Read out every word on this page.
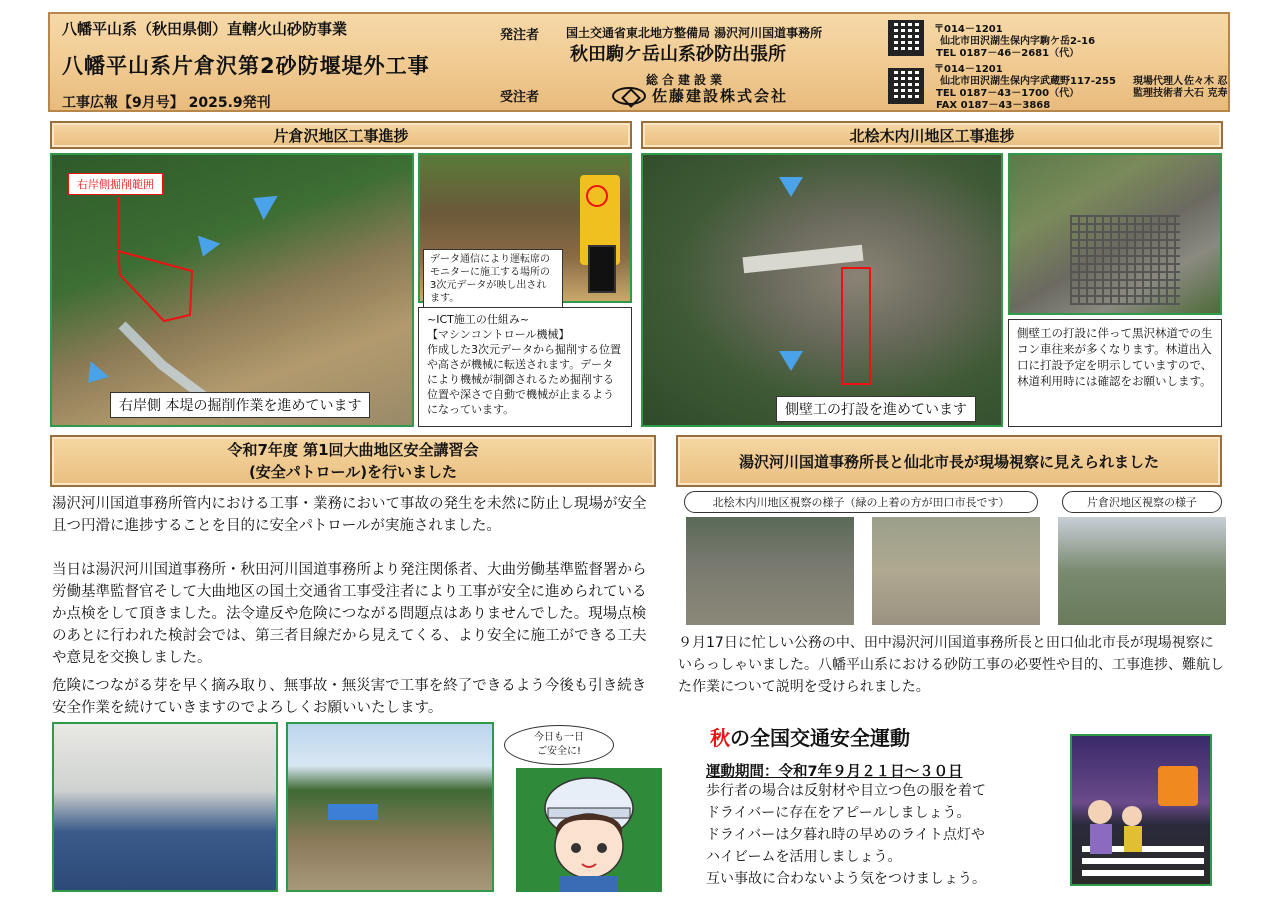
八幡平山系（秋田県側）直轄火山砂防事業
八幡平山系片倉沢第2砂防堰堤外工事
工事広報【9月号】 2025.9発刊
発注者 国土交通省東北地方整備局 湯沢河川国道事務所
秋田駒ケ岳山系砂防出張所
受注者
総合建設業
佐藤建設株式会社
〒014－1201
仙北市田沢湖生保内字駒ケ岳2-16
TEL 0187－46－2681（代）
〒014－1201
仙北市田沢湖生保内字武蔵野117-255
TEL 0187－43－1700（代）
FAX 0187－43－3868
現場代理人 佐々木 忍
監理技術者 大石 克寿
片倉沢地区工事進捗
右岸側掘削範囲
右岸側 本堤の掘削作業を進めています
データ通信により運転席のモニターに施工する場所の3次元データが映し出されます。
~ICT施工の仕組み~
【マシンコントロール機械】
作成した3次元データから掘削する位置や高さが機械に転送されます。データにより機械が制御されるため掘削する位置や深さで自動で機械が止まるようになっています。
北桧木内川地区工事進捗
側壁工の打設を進めています
側壁工の打設に伴って黒沢林道での生コン車往来が多くなります。林道出入口に打設予定を明示していますので、林道利用時には確認をお願いします。
令和7年度 第1回大曲地区安全講習会
(安全パトロール)を行いました
湯沢河川国道事務所管内における工事・業務において事故の発生を未然に防止し現場が安全且つ円滑に進捗することを目的に安全パトロールが実施されました。
当日は湯沢河川国道事務所・秋田河川国道事務所より発注関係者、大曲労働基準監督署から労働基準監督官そして大曲地区の国土交通省工事受注者により工事が安全に進められているか点検をして頂きました。法令違反や危険につながる問題点はありませんでした。現場点検のあとに行われた検討会では、第三者目線だから見えてくる、より安全に施工ができる工夫や意見を交換しました。
危険につながる芽を早く摘み取り、無事故・無災害で工事を終了できるよう今後も引き続き安全作業を続けていきますのでよろしくお願いいたします。
今日も一日
ご安全に!
湯沢河川国道事務所長と仙北市長が現場視察に見えられました
北桧木内川地区視察の様子（緑の上着の方が田口市長です）	片倉沢地区視察の様子
９月17日に忙しい公務の中、田中湯沢河川国道事務所長と田口仙北市長が現場視察にいらっしゃいました。八幡平山系における砂防工事の必要性や目的、工事進捗、難航した作業について説明を受けられました。
秋の全国交通安全運動
運動期間：令和7年９月２１日～３０日
歩行者の場合は反射材や目立つ色の服を着て
ドライバーに存在をアピールしましょう。
ドライバーは夕暮れ時の早めのライト点灯や
ハイビームを活用しましょう。
互い事故に合わないよう気をつけましょう。
